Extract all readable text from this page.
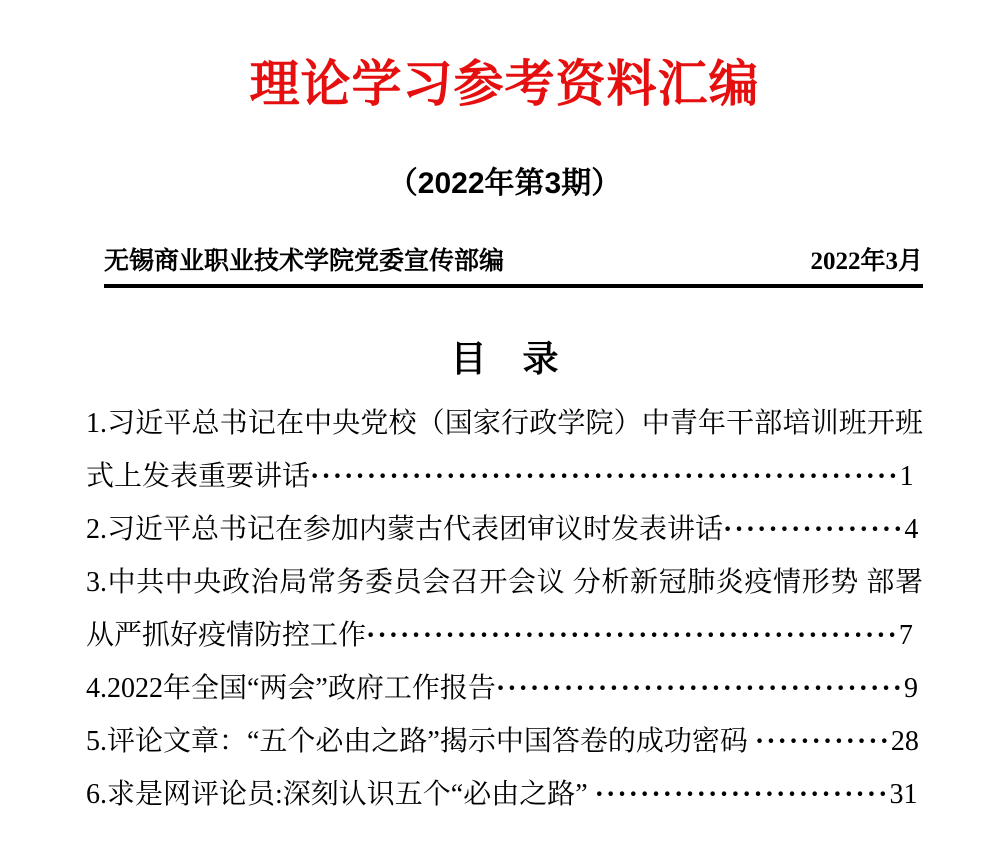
理论学习参考资料汇编
（2022年第3期）
无锡商业职业技术学院党委宣传部编	2022年3月
目　录
1.习近平总书记在中央党校（国家行政学院）中青年干部培训班开班式上发表重要讲话····················································1
2.习近平总书记在参加内蒙古代表团审议时发表讲话················4
3.中共中央政治局常务委员会召开会议 分析新冠肺炎疫情形势 部署从严抓好疫情防控工作···············································7
4.2022年全国“两会”政府工作报告····································9
5.评论文章：“五个必由之路”揭示中国答卷的成功密码 ············28
6.求是网评论员:深刻认识五个“必由之路” ··························31
